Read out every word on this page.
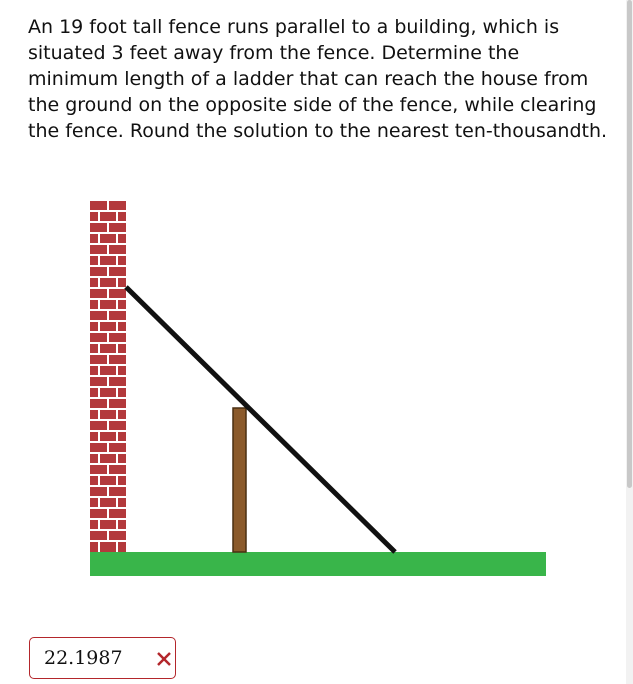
An 19 foot tall fence runs parallel to a building, which is situated 3 feet away from the fence. Determine the minimum length of a ladder that can reach the house from the ground on the opposite side of the fence, while clearing the fence. Round the solution to the nearest ten-thousandth.

22.1987
